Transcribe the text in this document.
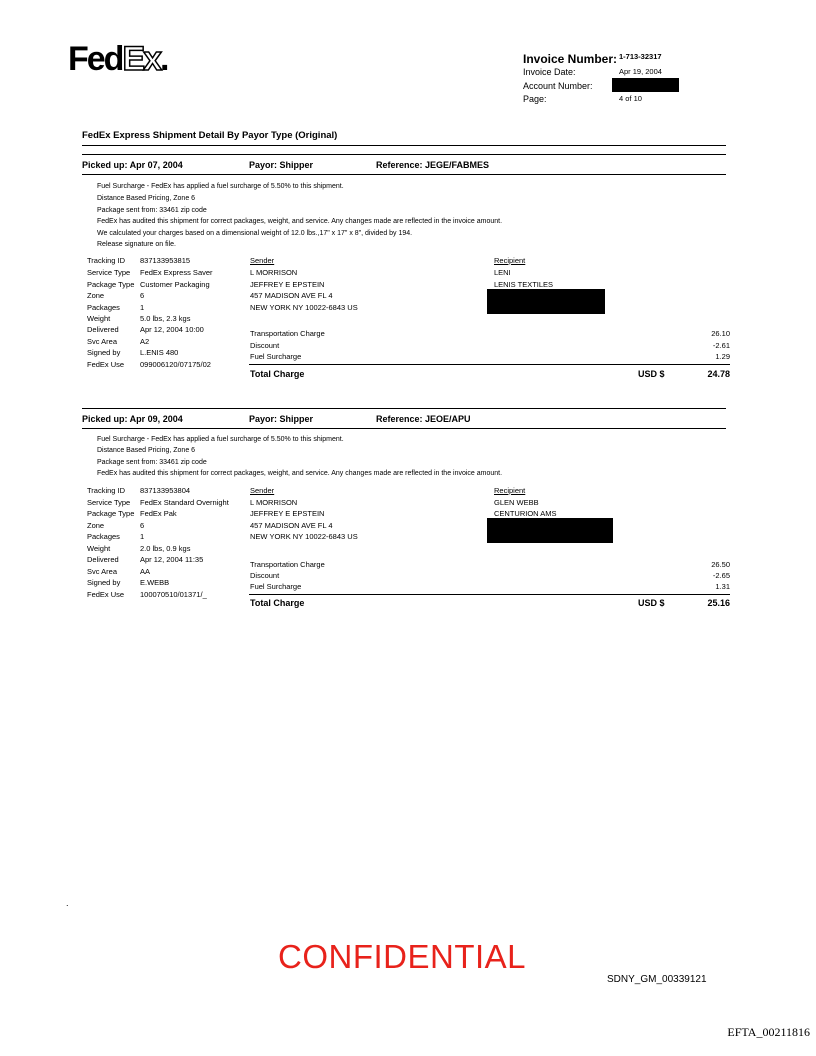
FedEx.	Invoice Number: 1-713-32317
Invoice Date:	Apr 19, 2004
Account Number:
Page:	4 of 10
FedEx Express Shipment Detail By Payor Type (Original)
Picked up: Apr 07, 2004	Payor: Shipper	Reference: JEGE/FABMES
Fuel Surcharge - FedEx has applied a fuel surcharge of 5.50% to this shipment.
Distance Based Pricing, Zone 6
Package sent from: 33461 zip code
FedEx has audited this shipment for correct packages, weight, and service. Any changes made are reflected in the invoice amount.
We calculated your charges based on a dimensional weight of 12.0 lbs.,17" x 17" x 8", divided by 194.
Release signature on file.
Tracking ID 837133953815
Service Type FedEx Express Saver
Package Type Customer Packaging
Zone	6
Packages	1
Weight	5.0 lbs, 2.3 kgs
Delivered	Apr 12, 2004 10:00
Svc Area	A2
Signed by	L.ENIS 480
FedEx Use 099006120/07175/02
Sender
L MORRISON
JEFFREY E EPSTEIN
457 MADISON AVE FL 4
NEW YORK NY 10022-6843 US
Recipient
LENI
LENIS TEXTILES
Transportation Charge	26.10
Discount	-2.61
Fuel Surcharge	1.29
Total Charge	USD $	24.78
Picked up: Apr 09, 2004	Payor: Shipper	Reference: JEOE/APU
Fuel Surcharge - FedEx has applied a fuel surcharge of 5.50% to this shipment.
Distance Based Pricing, Zone 6
Package sent from: 33461 zip code
FedEx has audited this shipment for correct packages, weight, and service. Any changes made are reflected in the invoice amount.
Tracking ID 837133953804
Service Type FedEx Standard Overnight
Package Type FedEx Pak
Zone	6
Packages	1
Weight	2.0 lbs, 0.9 kgs
Delivered	Apr 12, 2004 11:35
Svc Area	AA
Signed by	E.WEBB
FedEx Use 100070510/01371/_
Sender
L MORRISON
JEFFREY E EPSTEIN
457 MADISON AVE FL 4
NEW YORK NY 10022-6843 US
Recipient
GLEN WEBB
CENTURION AMS
Transportation Charge	26.50
Discount	-2.65
Fuel Surcharge	1.31
Total Charge	USD $	25.16
.
CONFIDENTIAL
SDNY_GM_00339121
EFTA_00211816
